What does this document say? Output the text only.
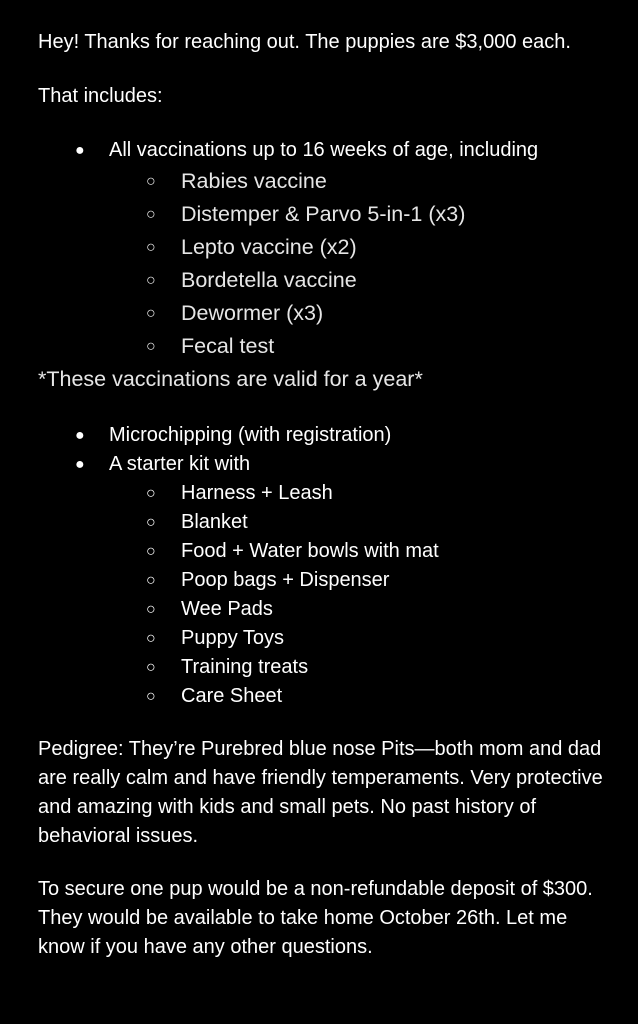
Hey! Thanks for reaching out. The puppies are $3,000 each.

That includes:

● All vaccinations up to 16 weeks of age, including
○ Rabies vaccine
○ Distemper & Parvo 5-in-1 (x3)
○ Lepto vaccine (x2)
○ Bordetella vaccine
○ Dewormer (x3)
○ Fecal test

*These vaccinations are valid for a year*

● Microchipping (with registration)
● A starter kit with
○ Harness + Leash
○ Blanket
○ Food + Water bowls with mat
○ Poop bags + Dispenser
○ Wee Pads
○ Puppy Toys
○ Training treats
○ Care Sheet

Pedigree: They’re Purebred blue nose Pits—both mom and dad are really calm and have friendly temperaments. Very protective and amazing with kids and small pets. No past history of behavioral issues.

To secure one pup would be a non-refundable deposit of $300. They would be available to take home October 26th. Let me know if you have any other questions.
